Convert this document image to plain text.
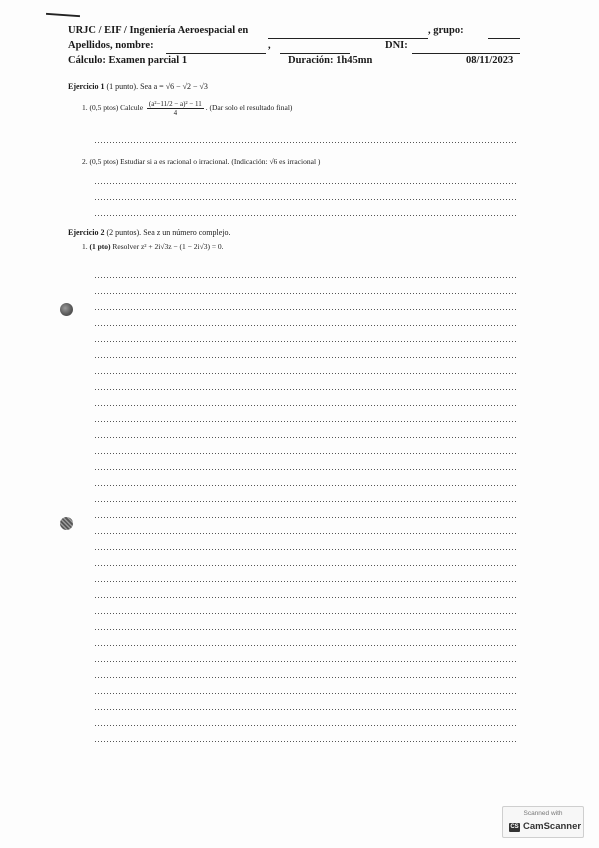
URJC / EIF / Ingeniería Aeroespacial en	, grupo:
Apellidos, nombre:	,	DNI:
Cálculo: Examen parcial 1	Duración: 1h45mn	08/11/2023
Ejercicio 1 (1 punto). Sea a = √6 − √2 − √3
1. (0,5 ptos) Calcule $\frac{\text{(a²−11/2 − a)² − 11}}{4}$ . (Dar solo el resultado final)
2. (0,5 ptos) Estudiar si a es racional o irracional. (Indicación: √6 es irracional )
Ejercicio 2 (2 puntos). Sea z un número complejo.
1. (1 pto) Resolver z² + 2i√3z − (1 − 2i√3) = 0.
Scanned with
CS CamScanner
